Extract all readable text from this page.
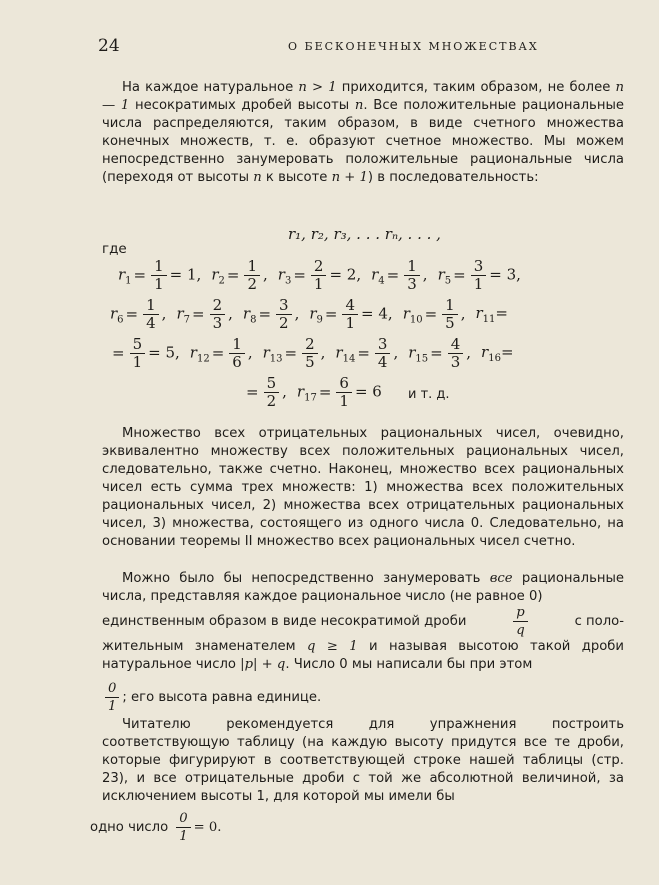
24	О БЕСКОНЕЧНЫХ МНОЖЕСТВАХ
На каждое натуральное n > 1 приходится, таким образом, не более n — 1 несократимых дробей высоты n. Все положительные рациональные числа распределяются, таким образом, в виде счетного множества конечных множеств, т. е. образуют счетное множество. Мы можем непосредственно занумеровать положительные рациональные числа (переходя от высоты n к высоте n + 1) в последовательность:
r₁, r₂, r₃, . . . rₙ, . . . ,
где
$r_1 = \frac{1}{1} = 1$, $r_2 = \frac{1}{2}$ , $r_3 = \frac{2}{1} = 2$, $r_4 = \frac{1}{3}$ , $r_5 = \frac{3}{1} = 3$,
$r_6 = \frac{1}{4}$ , $r_7 = \frac{2}{3}$ , $r_8 = \frac{3}{2}$ , $r_9 = \frac{4}{1} = 4$, $r_{10} = \frac{1}{5}$ , $r_{11}=$
= $\frac{5}{1} = 5$, $r_{12} = \frac{1}{6}$ , $r_{13} = \frac{2}{5}$ , $r_{14} = \frac{3}{4}$ , $r_{15} = \frac{4}{3}$ , $r_{16}=$
= $\frac{5}{2}$ , $r_{17} = \frac{6}{1} = 6$ и т. д.
Множество всех отрицательных рациональных чисел, очевидно, эквивалентно множеству всех положительных рациональных чисел, следовательно, также счетно. Наконец, множество всех рациональных чисел есть сумма трех множеств: 1) множества всех положительных рациональных чисел, 2) множества всех отрицательных рациональных чисел, 3) множества, состоящего из одного числа 0. Следовательно, на основании теоремы II множество всех рациональных чисел счетно.
Можно было бы непосредственно занумеровать все рациональные числа, представляя каждое рациональное число (не равное 0)
единственным образом в виде несократимой дроби	$\frac{p}{q}$	с поло-
жительным знаменателем q ≥ 1 и называя высотою такой дроби натуральное число |p| + q. Число 0 мы написали бы при этом
$\frac{0}{1}$ ; его высота равна единице.
Читателю рекомендуется для упражнения построить соответствующую таблицу (на каждую высоту придутся все те дроби, которые фигурируют в соответствующей строке нашей таблицы (стр. 23), и все отрицательные дроби с той же абсолютной величиной, за исключением высоты 1, для которой мы имели бы
одно число $\frac{0}{1} = 0$.
